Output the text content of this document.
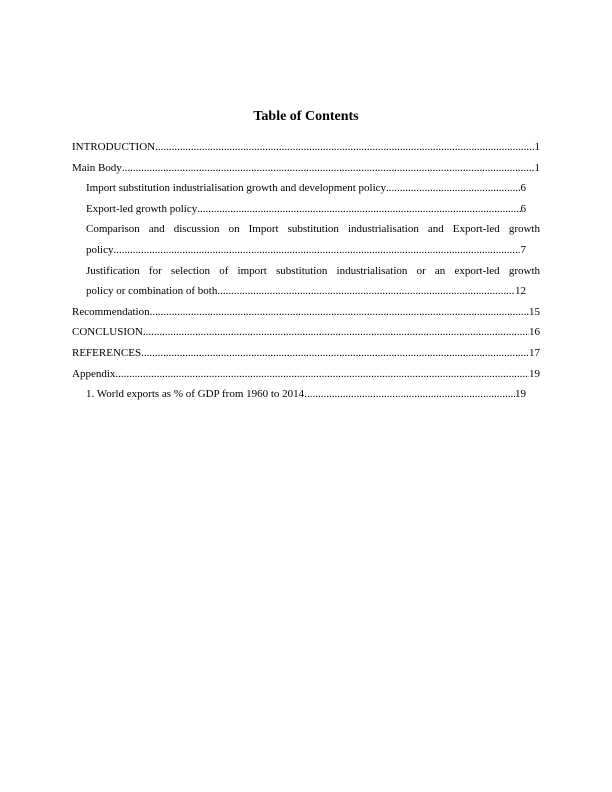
Table of Contents
INTRODUCTION .....	1
Main Body .....	1
Import substitution industrialisation growth and development policy .....	6
Export-led growth policy .....	6
Comparison and discussion on Import substitution industrialisation and Export-led growth
policy .....	7
Justification for selection of import substitution industrialisation or an export-led growth
policy or combination of both .....	12
Recommendation .....	15
CONCLUSION .....	16
REFERENCES .....	17
Appendix .....	19
1. World exports as % of GDP from 1960 to 2014 .....	19
